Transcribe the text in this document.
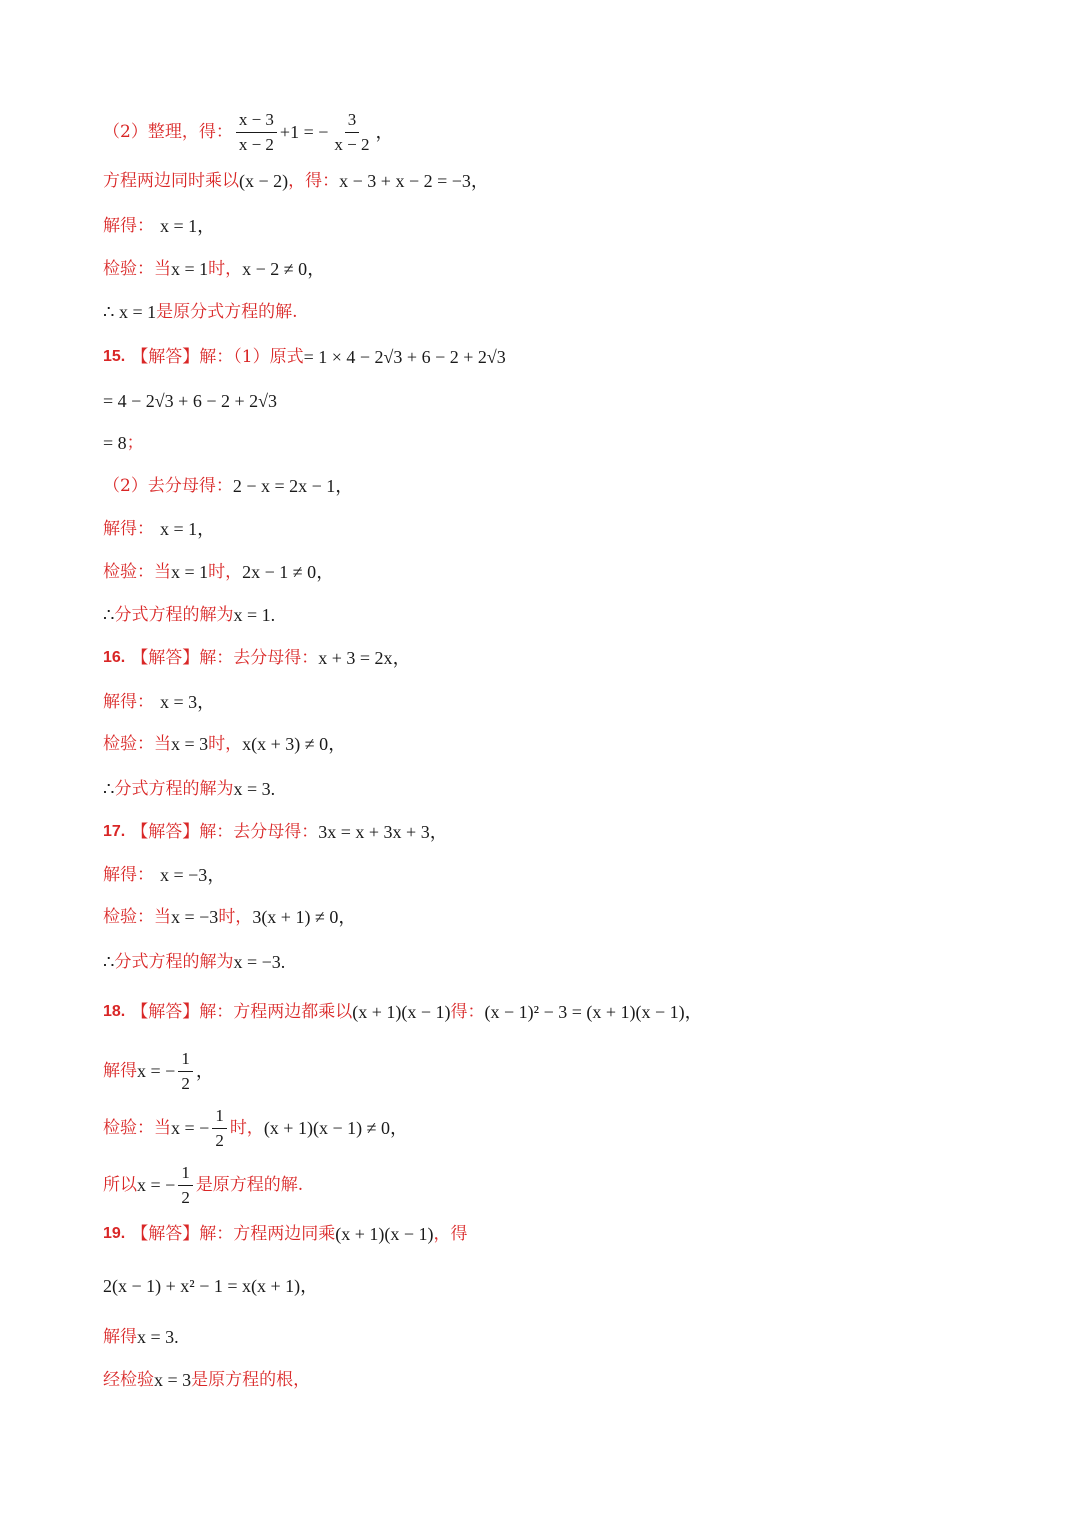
（2）整理，得： $\frac{x - 3}{x - 2} +1$ = − $\frac{3}{x - 2}$ ，
方程两边同时乘以 (x − 2) ，得： x − 3 + x − 2 = −3 ，
解得： x = 1 ，
检验：当 x = 1 时， x − 2 ≠ 0 ，
∴ x = 1 是原分式方程的解.
15. 【解答】解：（1）原式 = 1 × 4 − 2√3 + 6 − 2 + 2√3
= 4 − 2√3 + 6 − 2 + 2√3
= 8 ；
（2）去分母得： 2 − x = 2x − 1 ，
解得： x = 1 ，
检验：当 x = 1 时， 2x − 1 ≠ 0 ，
∴ 分式方程的解为 x = 1 .
16. 【解答】解：去分母得： x + 3 = 2x ，
解得： x = 3 ，
检验：当 x = 3 时， x(x + 3) ≠ 0 ，
∴ 分式方程的解为 x = 3 .
17. 【解答】解：去分母得： 3x = x + 3x + 3 ，
解得： x = −3 ，
检验：当 x = −3 时， 3(x + 1) ≠ 0 ，
∴ 分式方程的解为 x = −3 .
18. 【解答】解：方程两边都乘以 (x + 1)(x − 1) 得： (x − 1)² − 3 = (x + 1)(x − 1) ，
解得 x = − $\frac{1}{2}$ ，
检验：当 x = − $\frac{1}{2}$ 时， (x + 1)(x − 1) ≠ 0 ，
所以 x = − $\frac{1}{2}$ 是原方程的解.
19. 【解答】解：方程两边同乘 (x + 1)(x − 1) ，得
2(x − 1) + x² − 1 = x(x + 1) ，
解得 x = 3 .
经检验 x = 3 是原方程的根，
